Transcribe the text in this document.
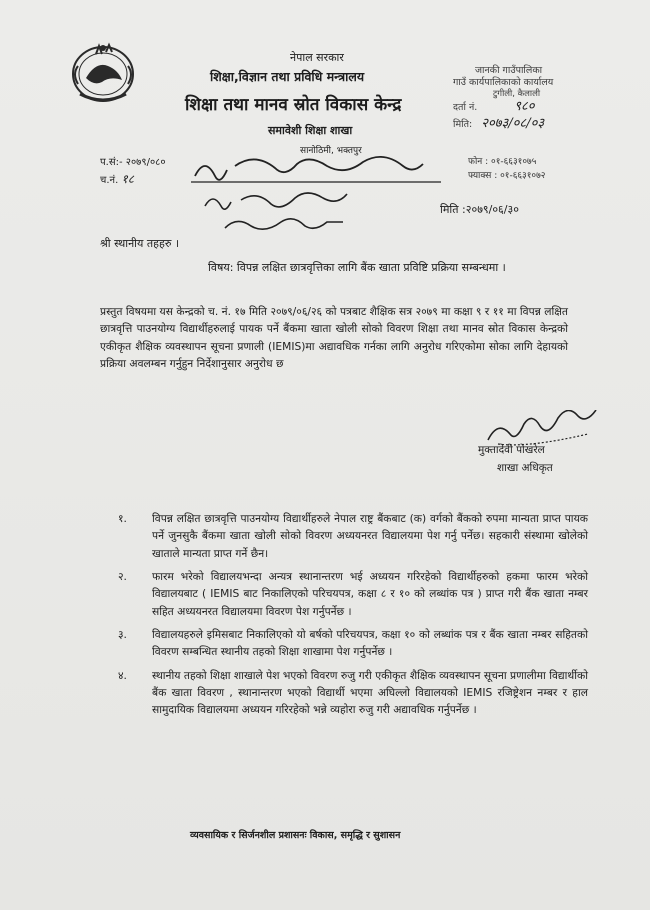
नेपाल सरकार
शिक्षा,विज्ञान तथा प्रविधि मन्त्रालय
शिक्षा तथा मानव स्रोत विकास केन्द्र
समावेशी शिक्षा शाखा
सानोठिमी, भक्तपुर
जानकी गाउँपालिका
गाउँ कार्यपालिकाको कार्यालय
टुगीली, कैलाली
दर्ता नं.	९८०
मिति: २०७३/०८/०३
प.सं:- २०७९/०८०
च.नं. १८
फोन : ०१-६६३१०७५
फ्याक्स : ०१-६६३१०७२
मिति :२०७९/०६/३०
श्री स्थानीय तहहरु ।
विषय: विपन्न लक्षित छात्रवृत्तिका लागि बैंक खाता प्रविष्टि प्रक्रिया सम्बन्धमा ।
प्रस्तुत विषयमा यस केन्द्रको च. नं. १७ मिति २०७९/०६/२६ को पत्रबाट शैक्षिक सत्र २०७९ मा कक्षा ९ र ११ मा विपन्न लक्षित छात्रवृत्ति पाउनयोग्य विद्यार्थीहरुलाई पायक पर्ने बैंकमा खाता खोली सोको विवरण शिक्षा तथा मानव स्रोत विकास केन्द्रको एकीकृत शैक्षिक व्यवस्थापन सूचना प्रणाली (IEMIS)मा अद्यावधिक गर्नका लागि अनुरोध गरिएकोमा सोका लागि देहायको प्रक्रिया अवलम्बन गर्नुहुन निर्देशानुसार अनुरोध छ
मुक्तादेवी पोखरेल
शाखा अधिकृत
१. विपन्न लक्षित छात्रवृत्ति पाउनयोग्य विद्यार्थीहरुले नेपाल राष्ट्र बैंकबाट (क) वर्गको बैंकको रुपमा मान्यता प्राप्त पायक पर्ने जुनसुकै बैंकमा खाता खोली सोको विवरण अध्ययनरत विद्यालयमा पेश गर्नु पर्नेछ। सहकारी संस्थामा खोलेको खाताले मान्यता प्राप्त गर्ने छैन।
२. फारम भरेको विद्यालयभन्दा अन्यत्र स्थानान्तरण भई अध्ययन गरिरहेको विद्यार्थीहरुको हकमा फारम भरेको विद्यालयबाट ( IEMIS बाट निकालिएको परिचयपत्र, कक्षा ८ र १० को लब्धांक पत्र ) प्राप्त गरी बैंक खाता नम्बर सहित अध्ययनरत विद्यालयमा विवरण पेश गर्नुपर्नेछ ।
३. विद्यालयहरुले इमिसबाट निकालिएको यो बर्षको परिचयपत्र, कक्षा १० को लब्धांक पत्र र बैंक खाता नम्बर सहितको विवरण सम्बन्धित स्थानीय तहको शिक्षा शाखामा पेश गर्नुपर्नेछ ।
४. स्थानीय तहको शिक्षा शाखाले पेश भएको विवरण रुजु गरी एकीकृत शैक्षिक व्यवस्थापन सूचना प्रणालीमा विद्यार्थीको बैंक खाता विवरण , स्थानान्तरण भएको विद्यार्थी भएमा अघिल्लो विद्यालयको IEMIS रजिष्ट्रेशन नम्बर र हाल सामुदायिक विद्यालयमा अध्ययन गरिरहेको भन्ने व्यहोरा रुजु गरी अद्यावधिक गर्नुपर्नेछ ।
व्यवसायिक र सिर्जनशील प्रशासनः विकास, समृद्धि र सुशासन
